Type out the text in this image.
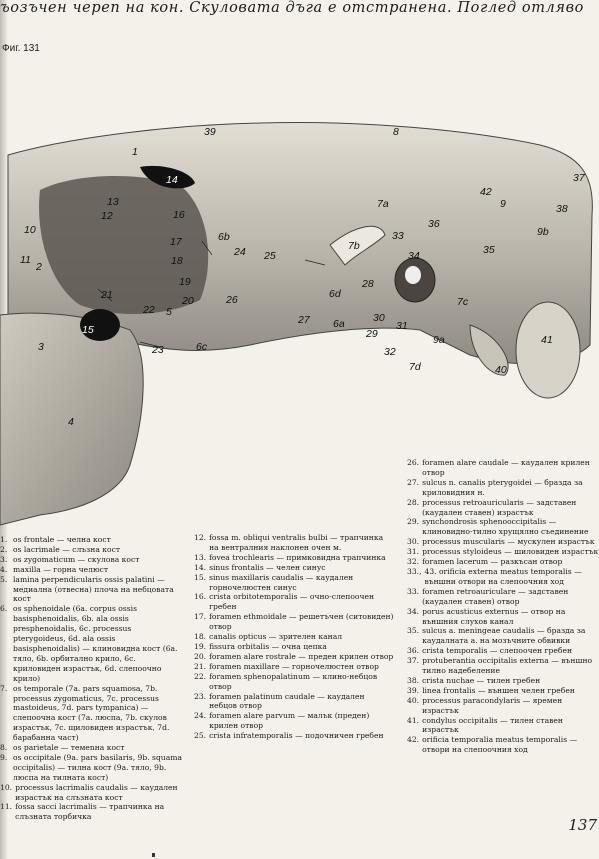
ъозъчен череп на кон. Скуловата дъга е отстранена. Поглед отляво
Фиг. 131
1
2
3
4
5
6b
6c
6d
6a
7a
7b
7c
7d
8
9
9a
9b
10
11
12
13
14
15
16
17
18
19
20
21
22
23
24 25
26
27
28
29
30
31
32
33
34	35
36
37
38
39
40
41
42
1. os frontale — челна кост
2. os lacrimale — слъзна кост
3. os zygomaticum — скулова кост
4. maxilla — горна челюст
5. lamina perpendicularis ossis palatini — медиална (отвесна) плоча на небцовата кост
6. os sphenoidale (6a. corpus ossis basisphenoidalis, 6b. ala ossis presphenoidalis, 6c. processus pterygoideus, 6d. ala ossis basisphenoidalis) — клиновидна кост (6a. тяло, 6b. орбитално крило, 6c. крилoвиден израстък, 6d. слепоочно крило)
7. os temporale (7a. pars squamosa, 7b. processus zygomaticus, 7c. processus mastoideus, 7d. pars tympanica) — слепоочна кост (7a. люспа, 7b. скулов израстък, 7c. щиловиден израстък, 7d. барабанна част)
8. os parietale — темenна кост
9. os occipitale (9a. pars basilaris, 9b. squama occipitalis) — тилна кост (9a. тяло, 9b. люспа на тилната кост)
10. processus lacrimalis caudalis — каудален израстък на слъзната кост
11. fossa sacci lacrimalis — трапчинка на слъзната торбичка
12. fossa m. obliqui ventralis bulbi — трапчинка на вентралния наклонен очен м.
13. fovea trochlearis — примковидна трапчинка
14. sinus frontalis — челен синус
15. sinus maxillaris caudalis — каудален горночелюстен синус
16. crista orbitotemporalis — очно-слепоочен гребен
17. foramen ethmoidale — решетъчен (ситовиден) отвор
18. canalis opticus — зрителен канал
19. fissura orbitalis — очна цепка
20. foramen alare rostrale — преден крилен отвор
21. foramen maxillare — горночелюстен отвор
22. foramen sphenopalatinum — клино-небцов отвор
23. foramen palatinum caudale — каудален небцов отвор
24. foramen alare parvum — малък (преден) крилен отвор
25. crista infratemporalis — подочничен гребен
26. foramen alare caudale — каудален крилен отвор
27. sulcus n. canalis pterygoidei — бразда за криловидния н.
28. processus retroauricularis — задставен (каудален ставен) израстък
29. synchondrosis sphenooccipitalis — клиновидно-тилно хрущялно съединение
30. processus muscularis — мускулен израстък
31. processus styloideus — шиловиден израстък
32. foramen lacerum — разкъсан отвор
33., 43. orificia externa meatus temporalis — външни отвори на слепоочния ход
33. foramen retroauriculare — задставен (каудален ставен) отвор
34. porus acusticus externus — отвор на външния слухов канал
35. sulcus a. meningeae caudalis — бразда за каудалната а. на мозъчните обвивки
36. crista temporalis — слепоочен гребен
37. protuberantia occipitalis externa — външно тилно надебеление
38. crista nuchae — тилен гребен
39. linea frontalis — външен челен гребен
40. processus paracondylaris — яремен израстък
41. condylus occipitalis — тилен ставен израстък
42. orificia temporalia meatus temporalis — отвори на слепоочния ход
137
